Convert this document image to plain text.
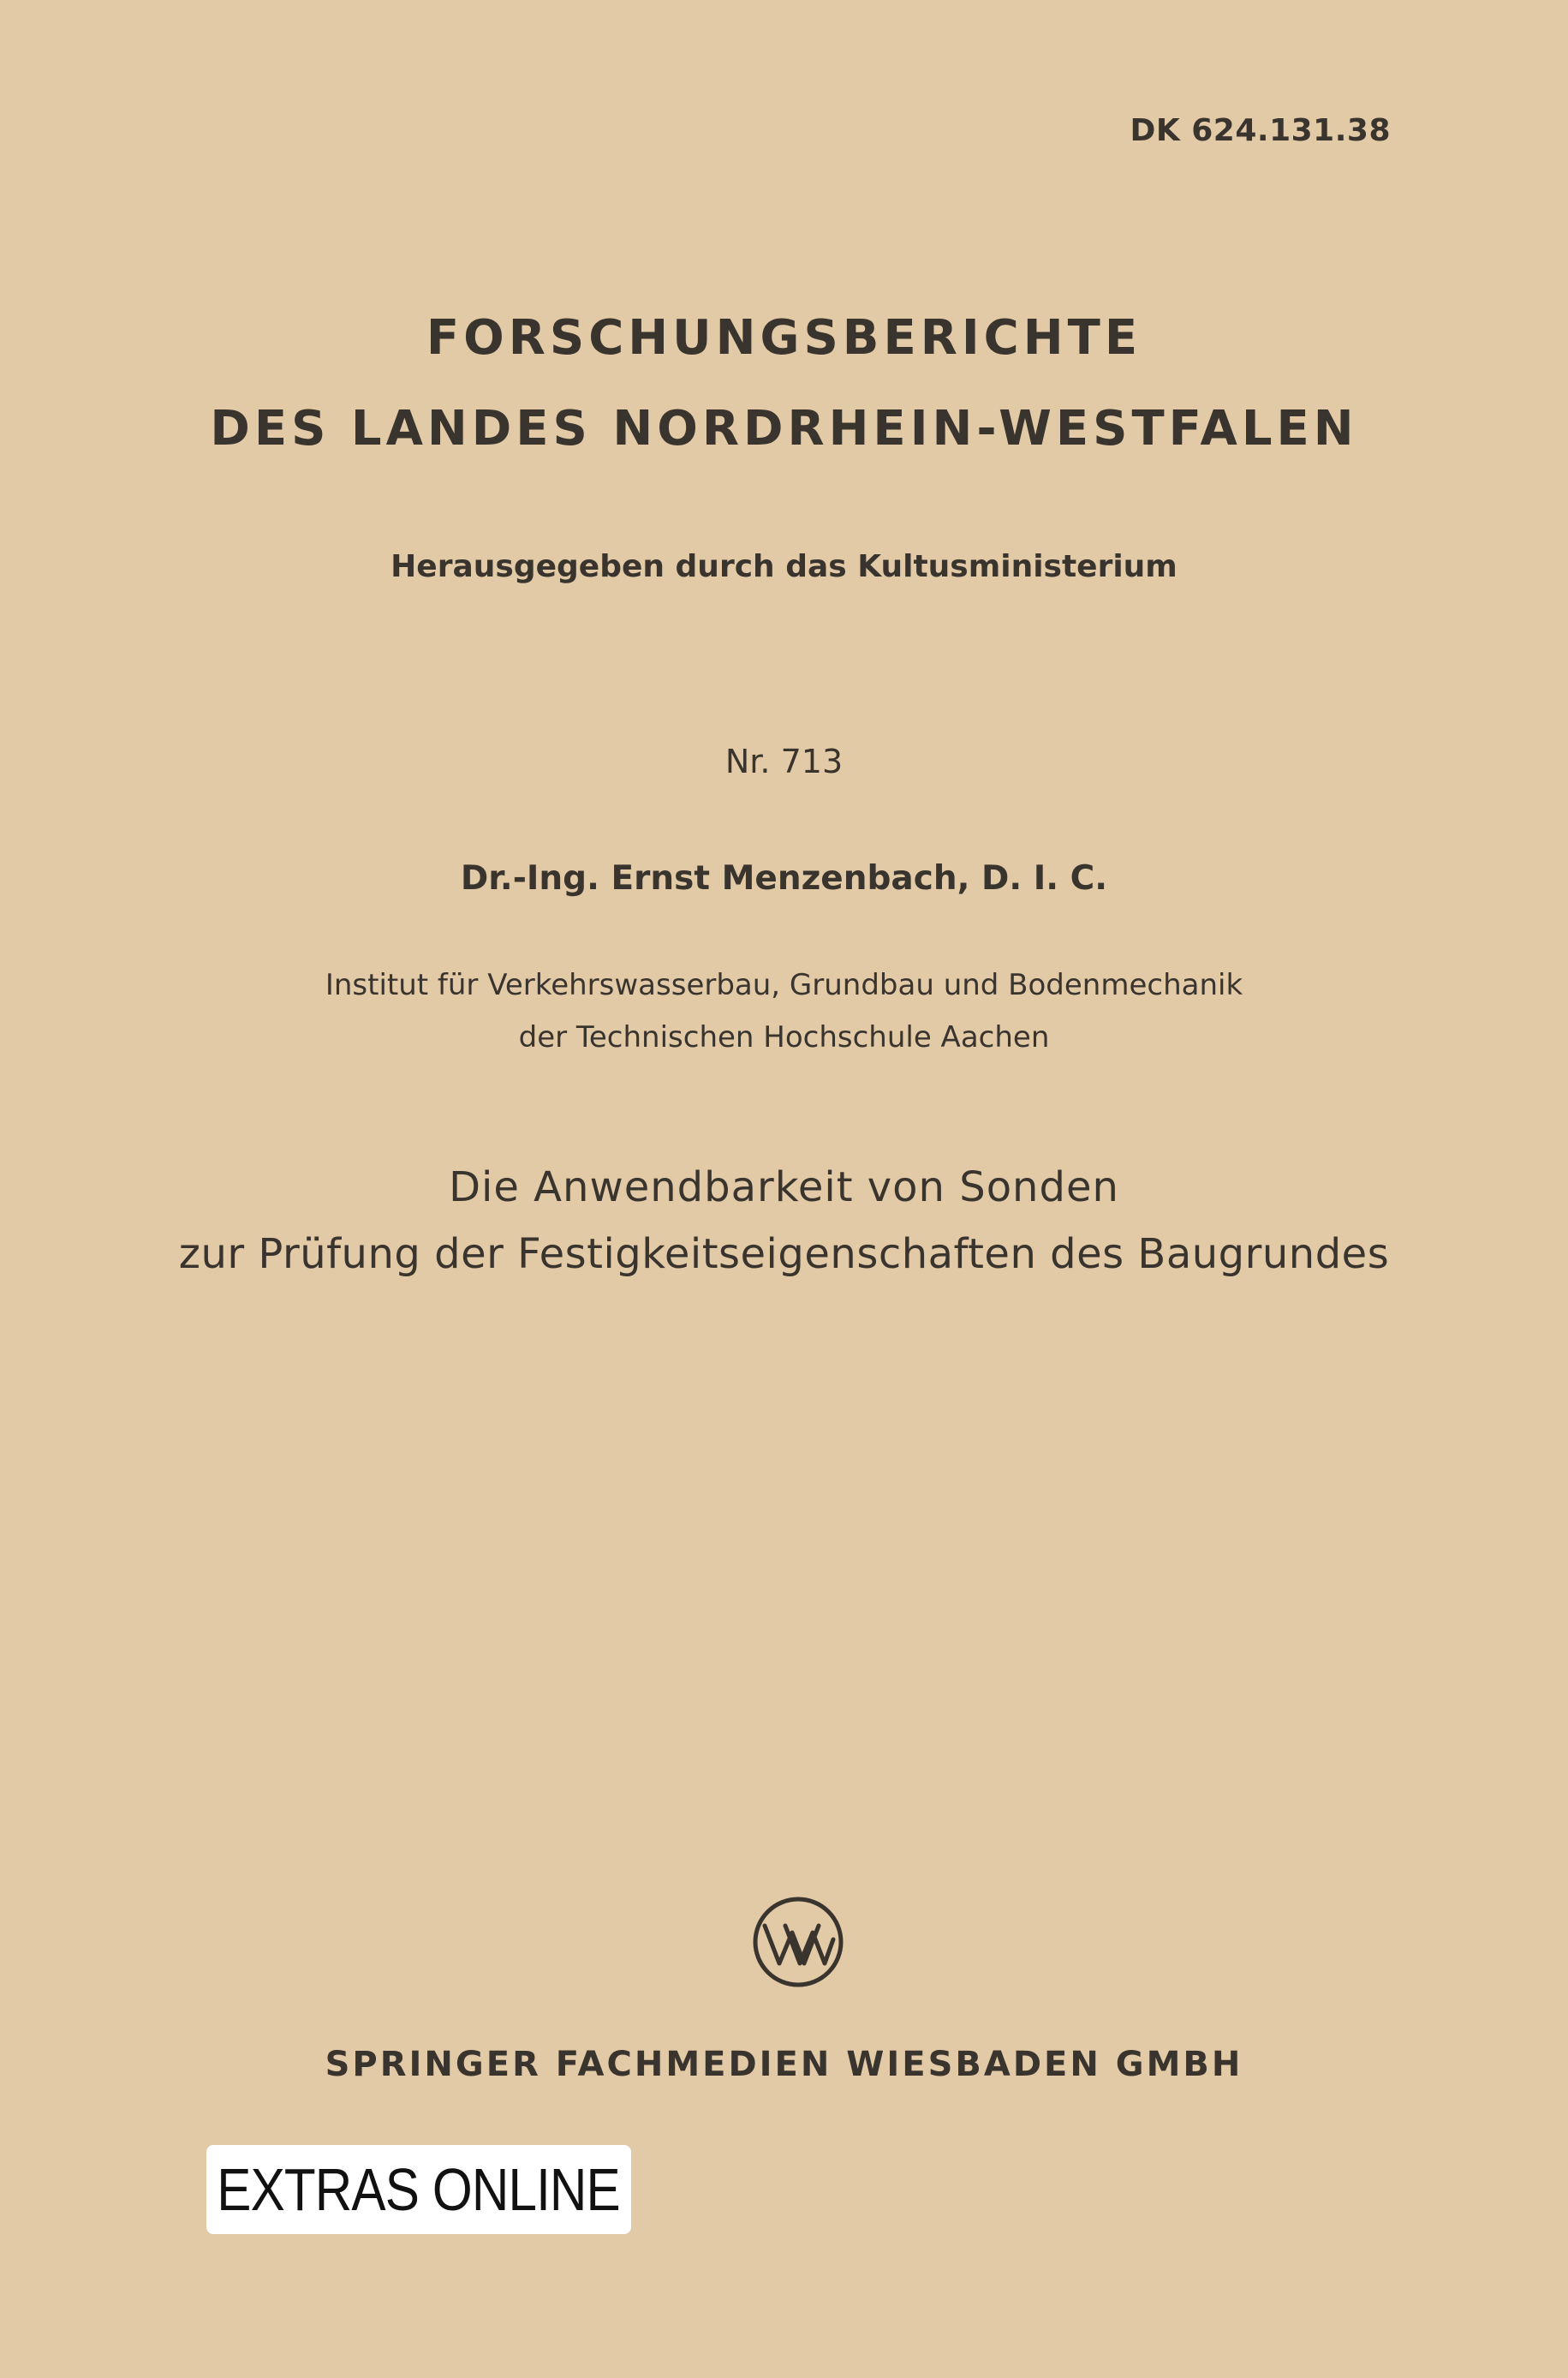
DK 624.131.38
FORSCHUNGSBERICHTE
DES LANDES NORDRHEIN-WESTFALEN
Herausgegeben durch das Kultusministerium
Nr. 713
Dr.-Ing. Ernst Menzenbach, D. I. C.
Institut für Verkehrswasserbau, Grundbau und Bodenmechanik
der Technischen Hochschule Aachen
Die Anwendbarkeit von Sonden
zur Prüfung der Festigkeitseigenschaften des Baugrundes
SPRINGER FACHMEDIEN WIESBADEN GMBH
EXTRAS ONLINE
